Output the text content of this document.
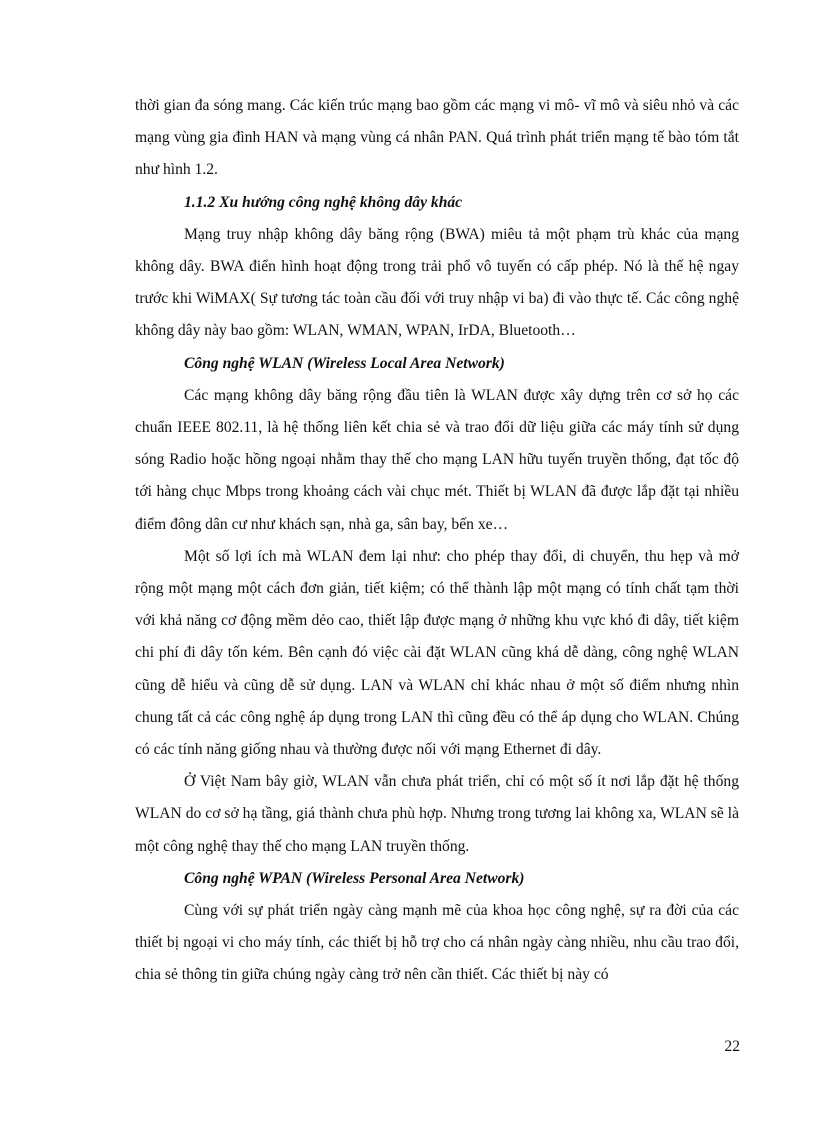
thời gian đa sóng mang. Các kiến trúc mạng bao gồm các mạng vi mô- vĩ mô và siêu nhỏ và các mạng vùng gia đình HAN và mạng vùng cá nhân PAN. Quá trình phát triển mạng tế bào tóm tắt như hình 1.2.

1.1.2 Xu hướng công nghệ không dây khác

Mạng truy nhập không dây băng rộng (BWA) miêu tả một phạm trù khác của mạng không dây. BWA điển hình hoạt động trong trải phổ vô tuyến có cấp phép. Nó là thế hệ ngay trước khi WiMAX( Sự tương tác toàn cầu đối với truy nhập vi ba) đi vào thực tế. Các công nghệ không dây này bao gồm: WLAN, WMAN, WPAN, IrDA, Bluetooth…

Công nghệ WLAN (Wireless Local Area Network)

Các mạng không dây băng rộng đầu tiên là WLAN được xây dựng trên cơ sở họ các chuẩn IEEE 802.11, là hệ thống liên kết chia sẻ và trao đổi dữ liệu giữa các máy tính sử dụng sóng Radio hoặc hồng ngoại nhằm thay thế cho mạng LAN hữu tuyến truyền thống, đạt tốc độ tới hàng chục Mbps trong khoảng cách vài chục mét. Thiết bị WLAN đã được lắp đặt tại nhiều điểm đông dân cư như khách sạn, nhà ga, sân bay, bến xe…

Một số lợi ích mà WLAN đem lại như: cho phép thay đổi, di chuyển, thu hẹp và mở rộng một mạng một cách đơn giản, tiết kiệm; có thể thành lập một mạng có tính chất tạm thời với khả năng cơ động mềm dẻo cao, thiết lập được mạng ở những khu vực khó đi dây, tiết kiệm chi phí đi dây tốn kém. Bên cạnh đó việc cài đặt WLAN cũng khá dễ dàng, công nghệ WLAN cũng dễ hiểu và cũng dễ sử dụng. LAN và WLAN chỉ khác nhau ở một số điểm nhưng nhìn chung tất cả các công nghệ áp dụng trong LAN thì cũng đều có thể áp dụng cho WLAN. Chúng có các tính năng giống nhau và thường được nối với mạng Ethernet đi dây.

Ở Việt Nam bây giờ, WLAN vẫn chưa phát triển, chỉ có một số ít nơi lắp đặt hệ thống WLAN do cơ sở hạ tầng, giá thành chưa phù hợp. Nhưng trong tương lai không xa, WLAN sẽ là một công nghệ thay thế cho mạng LAN truyền thống.

Công nghệ WPAN (Wireless Personal Area Network)

Cùng với sự phát triển ngày càng mạnh mẽ của khoa học công nghệ, sự ra đời của các thiết bị ngoại vi cho máy tính, các thiết bị hỗ trợ cho cá nhân ngày càng nhiều, nhu cầu trao đổi, chia sẻ thông tin giữa chúng ngày càng trở nên cần thiết. Các thiết bị này có

22
